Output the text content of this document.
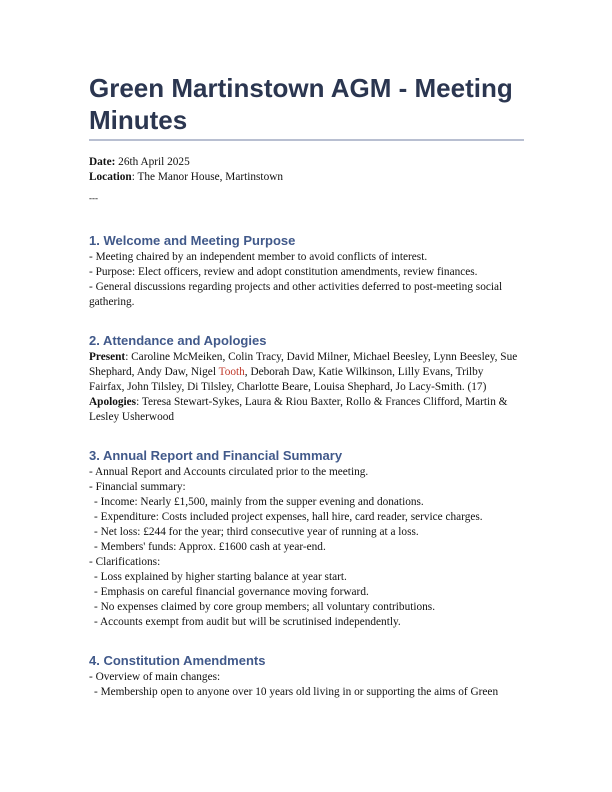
Green Martinstown AGM - Meeting
Minutes
Date: 26th April 2025
Location: The Manor House, Martinstown
---
1. Welcome and Meeting Purpose
- Meeting chaired by an independent member to avoid conflicts of interest.
- Purpose: Elect officers, review and adopt constitution amendments, review finances.
- General discussions regarding projects and other activities deferred to post-meeting social
gathering.
2. Attendance and Apologies
Present: Caroline McMeiken, Colin Tracy, David Milner, Michael Beesley, Lynn Beesley, Sue
Shephard, Andy Daw, Nigel Tooth, Deborah Daw, Katie Wilkinson, Lilly Evans, Trilby
Fairfax, John Tilsley, Di Tilsley, Charlotte Beare, Louisa Shephard, Jo Lacy-Smith. (17)
Apologies: Teresa Stewart-Sykes, Laura & Riou Baxter, Rollo & Frances Clifford, Martin &
Lesley Usherwood
3. Annual Report and Financial Summary
- Annual Report and Accounts circulated prior to the meeting.
- Financial summary:
- Income: Nearly £1,500, mainly from the supper evening and donations.
- Expenditure: Costs included project expenses, hall hire, card reader, service charges.
- Net loss: £244 for the year; third consecutive year of running at a loss.
- Members' funds: Approx. £1600 cash at year-end.
- Clarifications:
- Loss explained by higher starting balance at year start.
- Emphasis on careful financial governance moving forward.
- No expenses claimed by core group members; all voluntary contributions.
- Accounts exempt from audit but will be scrutinised independently.
4. Constitution Amendments
- Overview of main changes:
- Membership open to anyone over 10 years old living in or supporting the aims of Green
